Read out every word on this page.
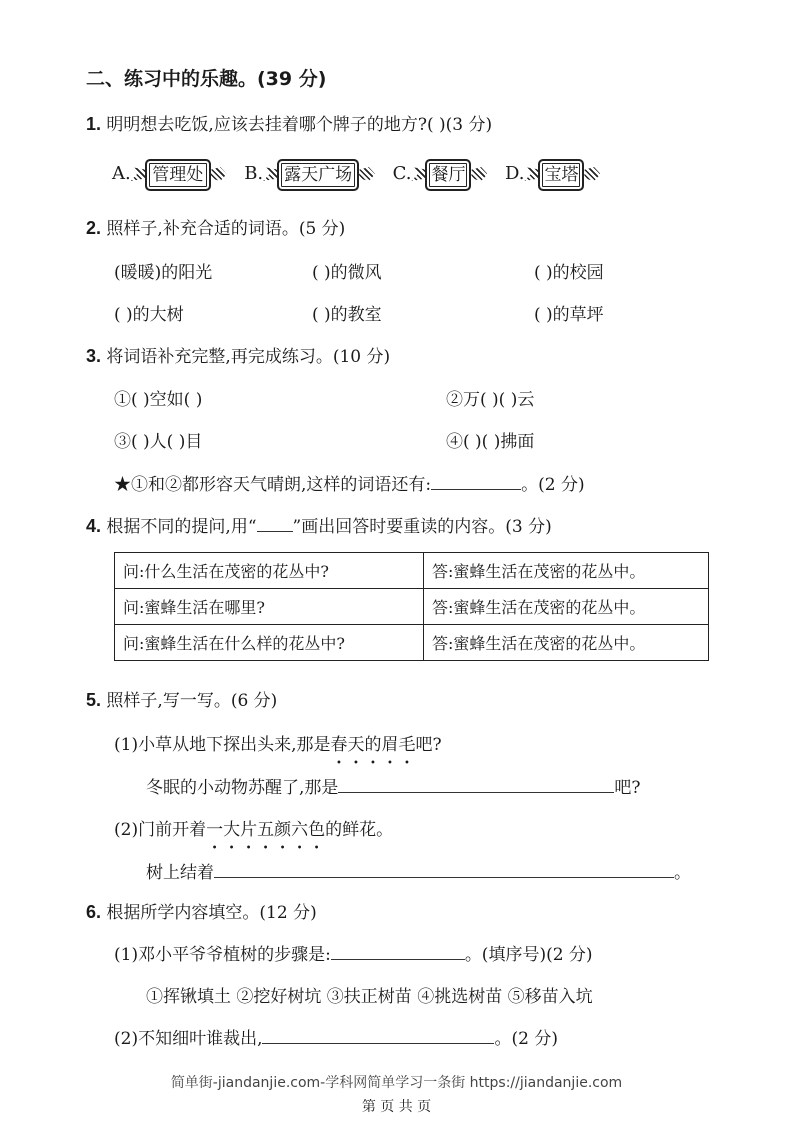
二、练习中的乐趣。(39 分)
1. 明明想去吃饭,应该去挂着哪个牌子的地方?( )(3 分)
A.	管理处	B.	露天广场	C.	餐厅	D.	宝塔
2. 照样子,补充合适的词语。(5 分)
(暖暖)的阳光	( )的微风	( )的校园
( )的大树	( )的教室	( )的草坪
3. 将词语补充完整,再完成练习。(10 分)
①( )空如( )	②万( )( )云
③( )人( )目	④( )( )拂面
★①和②都形容天气晴朗,这样的词语还有:	。(2 分)
4. 根据不同的提问,用“ ”画出回答时要重读的内容。(3 分)
问:什么生活在茂密的花丛中?	答:蜜蜂生活在茂密的花丛中。
问:蜜蜂生活在哪里?	答:蜜蜂生活在茂密的花丛中。
问:蜜蜂生活在什么样的花丛中?	答:蜜蜂生活在茂密的花丛中。
5. 照样子,写一写。(6 分)
(1)小草从地下探出头来,那是春天的眉毛吧?
冬眠的小动物苏醒了,那是	吧?
(2)门前开着一大片五颜六色的鲜花。
树上结着	。
6. 根据所学内容填空。(12 分)
(1)邓小平爷爷植树的步骤是:	。(填序号)(2 分)
①挥锹填土 ②挖好树坑 ③扶正树苗 ④挑选树苗 ⑤移苗入坑
(2)不知细叶谁裁出,	。(2 分)
简单街-jiandanjie.com-学科网简单学习一条街 https://jiandanjie.com
第 页 共 页
